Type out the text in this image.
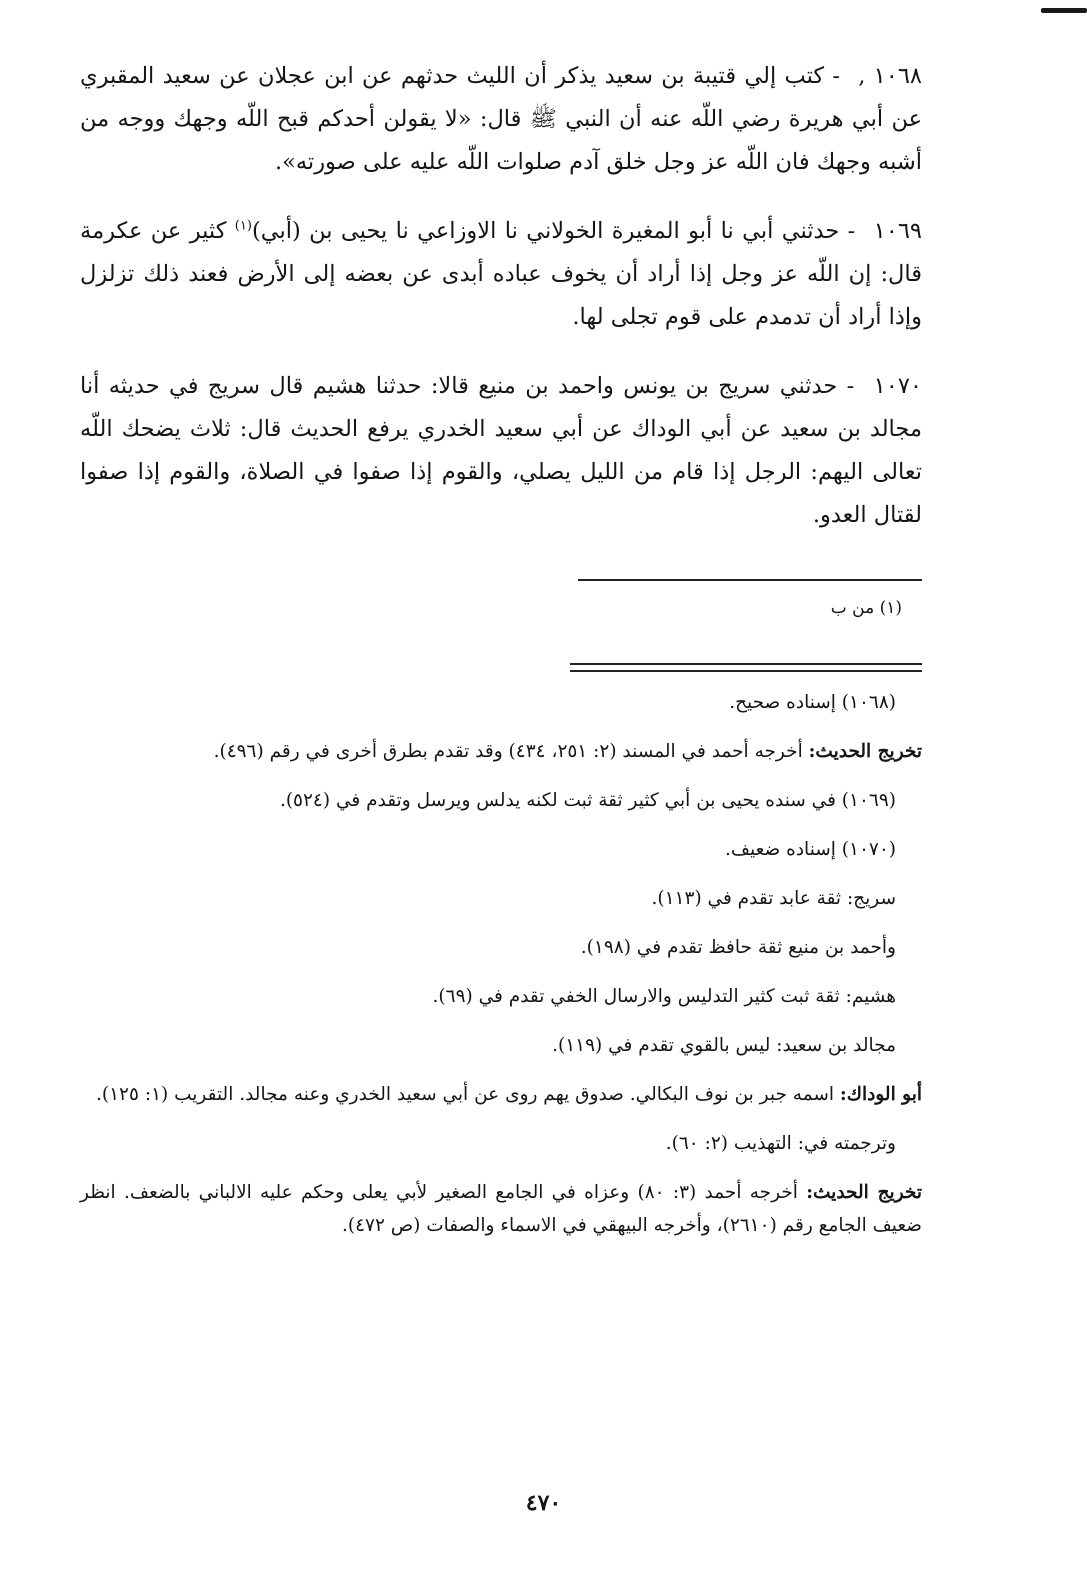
١٠٦٨ , - كتب إلي قتيبة بن سعيد يذكر أن الليث حدثهم عن ابن عجلان عن سعيد المقبري عن أبي هريرة رضي اللّه عنه أن النبي ﷺ قال: «لا يقولن أحدكم قبح اللّه وجهك ووجه من أشبه وجهك فان اللّه عز وجل خلق آدم صلوات اللّه عليه على صورته».

١٠٦٩ - حدثني أبي نا أبو المغيرة الخولاني نا الاوزاعي نا يحيى بن (أبي)$^{(١)}$ كثير عن عكرمة قال: إن اللّه عز وجل إذا أراد أن يخوف عباده أبدى عن بعضه إلى الأرض فعند ذلك تزلزل وإذا أراد أن تدمدم على قوم تجلى لها.

١٠٧٠ - حدثني سريج بن يونس واحمد بن منيع قالا: حدثنا هشيم قال سريج في حديثه أنا مجالد بن سعيد عن أبي الوداك عن أبي سعيد الخدري يرفع الحديث قال: ثلاث يضحك اللّه تعالى اليهم: الرجل إذا قام من الليل يصلي، والقوم إذا صفوا في الصلاة، والقوم إذا صفوا لقتال العدو.

(١) من ب

(١٠٦٨) إسناده صحيح.

تخريج الحديث: أخرجه أحمد في المسند (٢: ٢٥١، ٤٣٤) وقد تقدم بطرق أخرى في رقم (٤٩٦).

(١٠٦٩) في سنده يحيى بن أبي كثير ثقة ثبت لكنه يدلس ويرسل وتقدم في (٥٢٤).

(١٠٧٠) إسناده ضعيف.

سريج: ثقة عابد تقدم في (١١٣).

وأحمد بن منيع ثقة حافظ تقدم في (١٩٨).

هشيم: ثقة ثبت كثير التدليس والارسال الخفي تقدم في (٦٩).

مجالد بن سعيد: ليس بالقوي تقدم في (١١٩).

أبو الوداك: اسمه جبر بن نوف البكالي. صدوق يهم روى عن أبي سعيد الخدري وعنه مجالد. التقريب (١: ١٢٥).

وترجمته في: التهذيب (٢: ٦٠).

تخريج الحديث: أخرجه أحمد (٣: ٨٠) وعزاه في الجامع الصغير لأبي يعلى وحكم عليه الالباني بالضعف. انظر ضعيف الجامع رقم (٢٦١٠)، وأخرجه البيهقي في الاسماء والصفات (ص ٤٧٢).

٤٧٠
